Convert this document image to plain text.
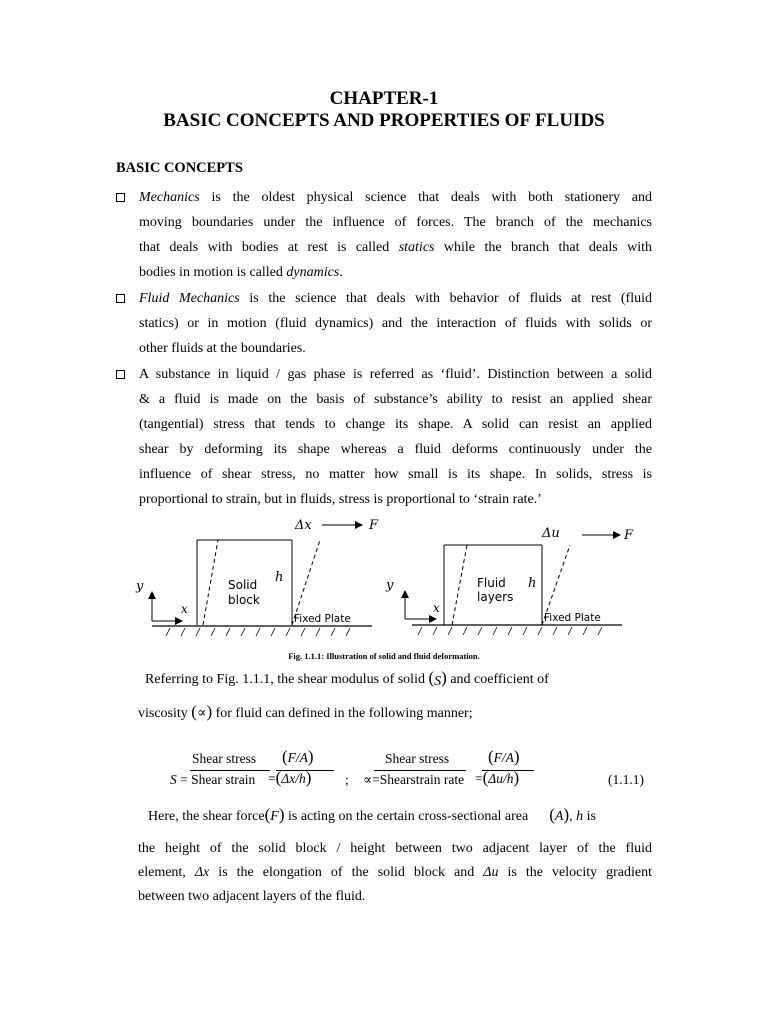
CHAPTER-1
BASIC CONCEPTS AND PROPERTIES OF FLUIDS
BASIC CONCEPTS
Mechanics is the oldest physical science that deals with both stationery and
moving boundaries under the influence of forces. The branch of the mechanics
that deals with bodies at rest is called statics while the branch that deals with
bodies in motion is called dynamics.
Fluid Mechanics is the science that deals with behavior of fluids at rest (fluid
statics) or in motion (fluid dynamics) and the interaction of fluids with solids or
other fluids at the boundaries.
A substance in liquid / gas phase is referred as ‘fluid’. Distinction between a solid
& a fluid is made on the basis of substance’s ability to resist an applied shear
(tangential) stress that tends to change its shape. A solid can resist an applied
shear by deforming its shape whereas a fluid deforms continuously under the
influence of shear stress, no matter how small is its shape. In solids, stress is
proportional to strain, but in fluids, stress is proportional to ‘strain rate.’
Δx	F
h
Solid
block
y
x
Fixed Plate
Δu	F
h
Fluid
layers
y
x
Fixed Plate
Fig. 1.1.1: Illustration of solid and fluid deformation.
Referring to Fig. 1.1.1, the shear modulus of solid (S) and coefficient of
viscosity (∝) for fluid can defined in the following manner;
Shear stress
S = Shear strain
(F/A)
=(Δx/h) ;
Shear stress
∝=Shearstrain rate
(F/A)
=(Δu/h)	(1.1.1)
Here, the shear force(F) is acting on the certain cross-sectional area (A), h is
the height of the solid block / height between two adjacent layer of the fluid
element, Δx is the elongation of the solid block and Δu is the velocity gradient
between two adjacent layers of the fluid.
